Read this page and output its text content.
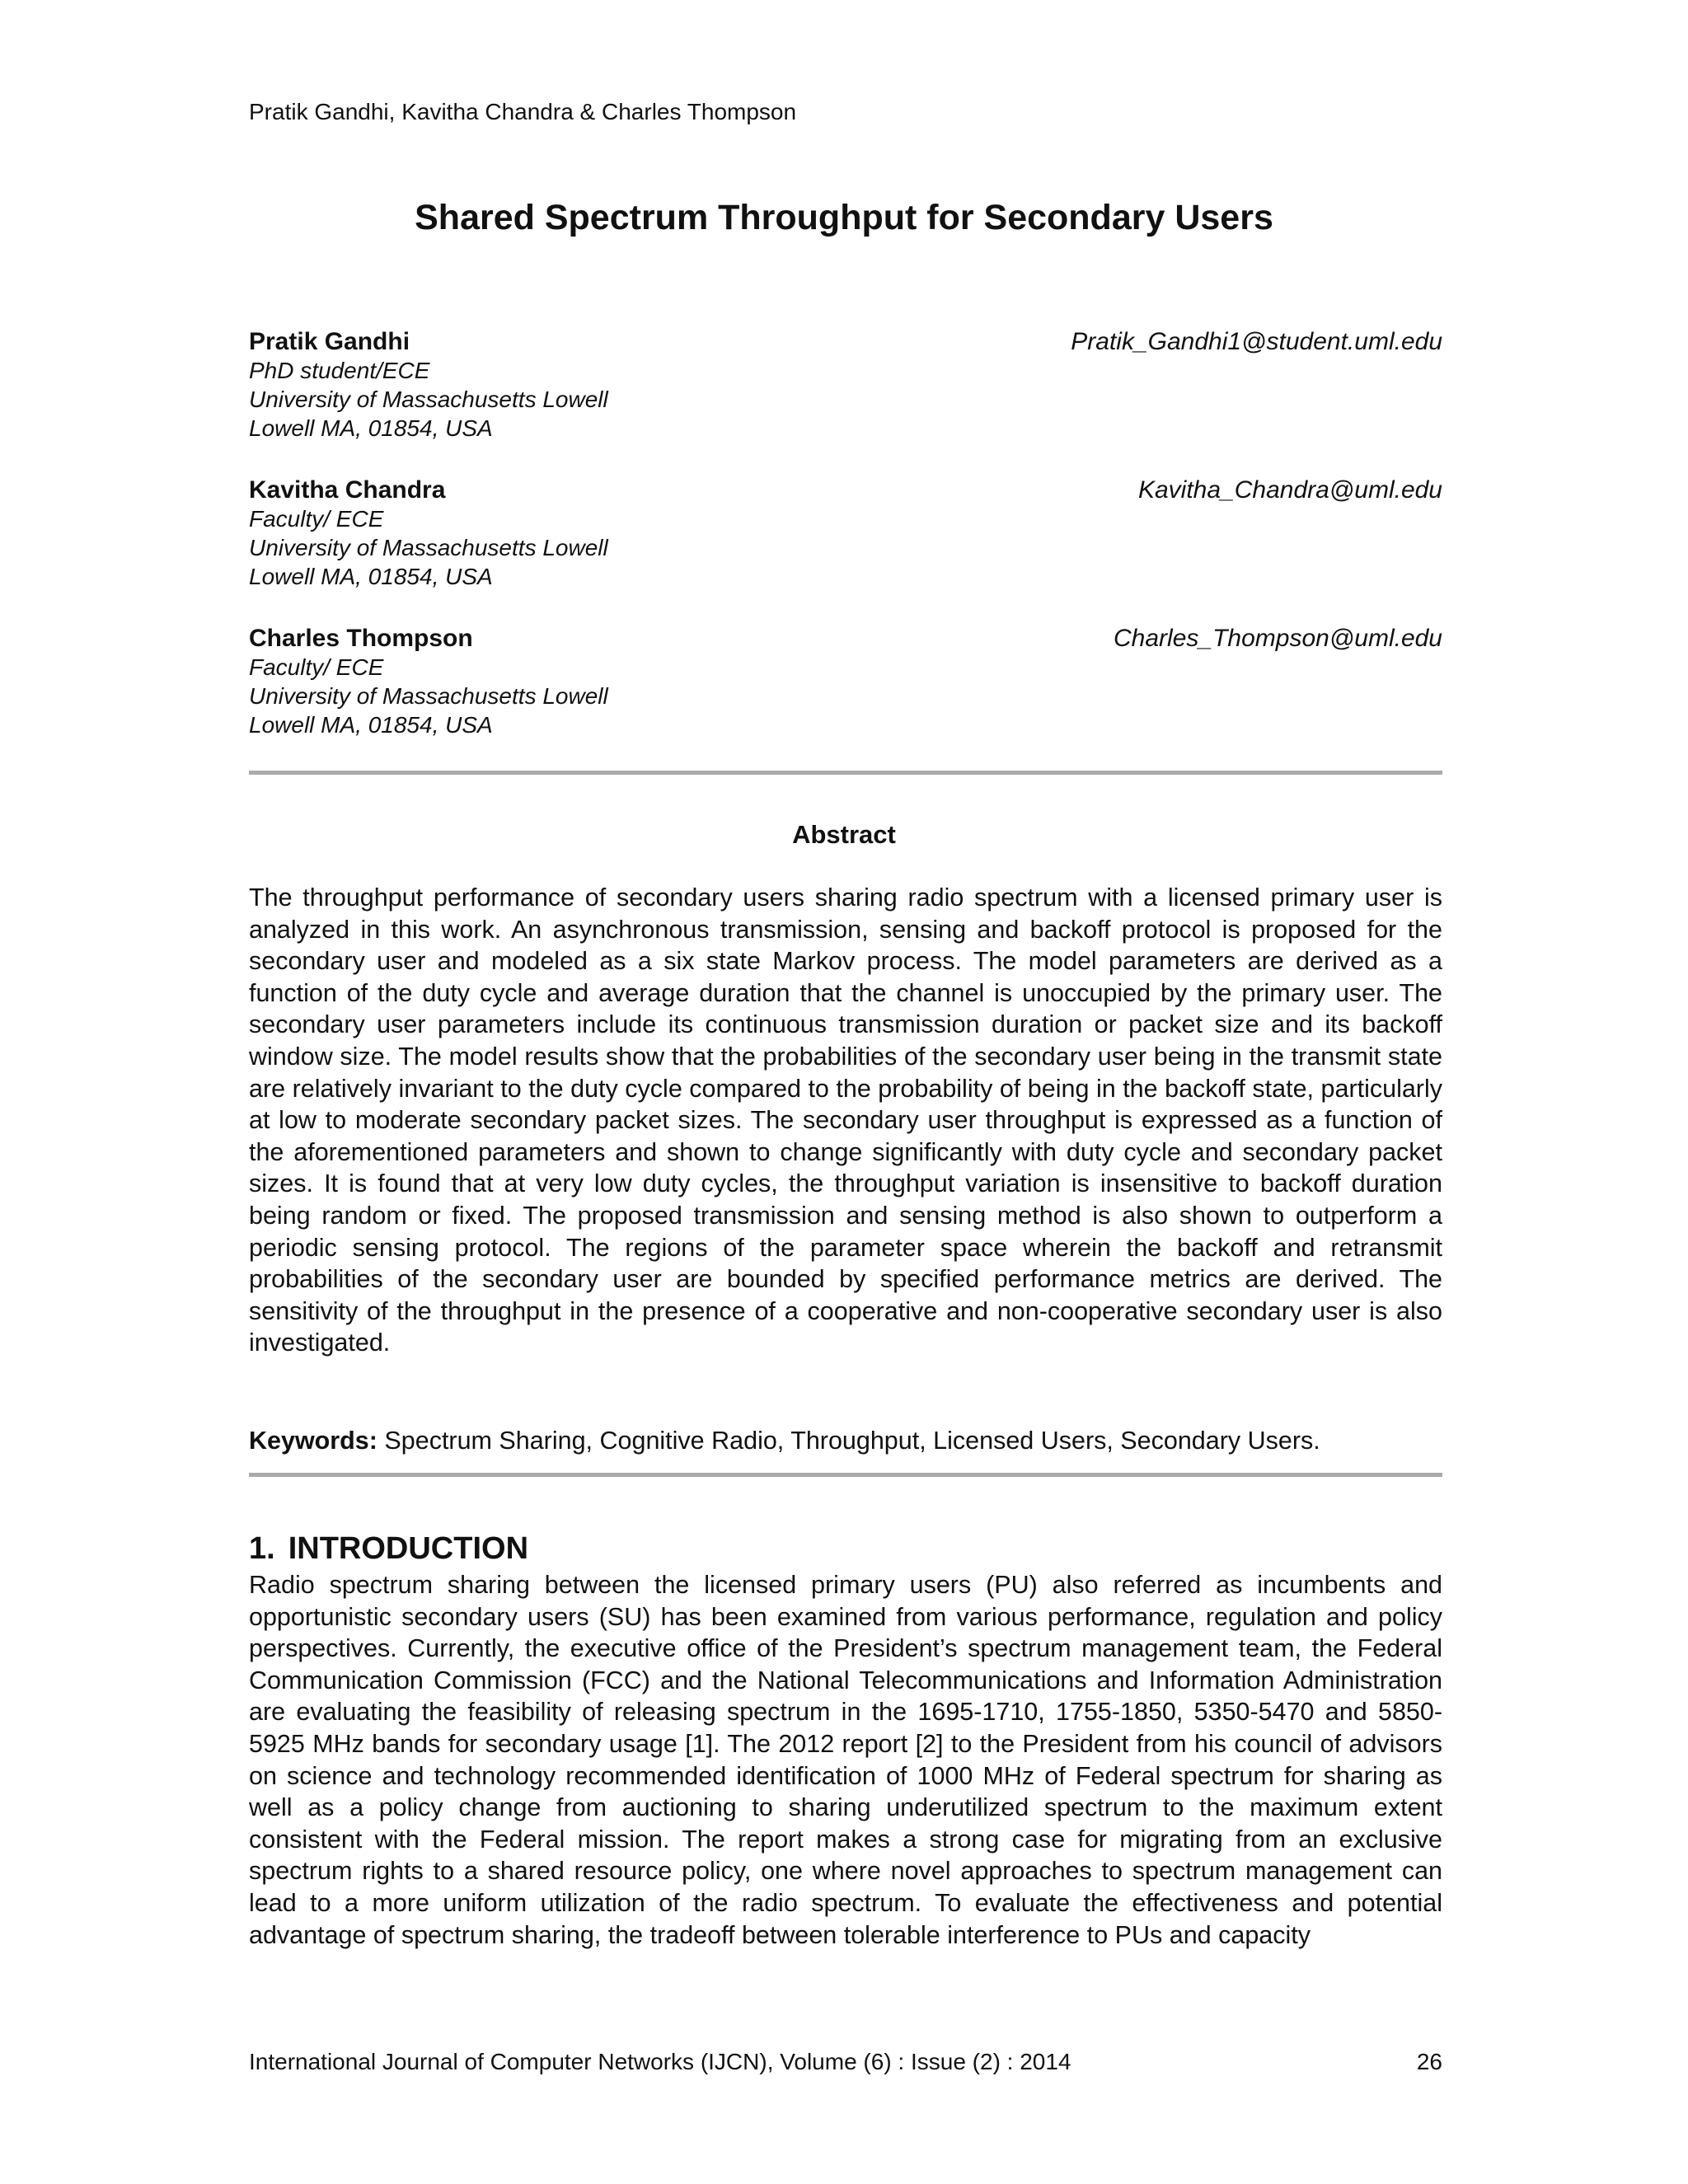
Pratik Gandhi, Kavitha Chandra & Charles Thompson
Shared Spectrum Throughput for Secondary Users
Pratik Gandhi
PhD student/ECE
University of Massachusetts Lowell
Lowell MA, 01854, USA
Pratik_Gandhi1@student.uml.edu
Kavitha Chandra
Faculty/ ECE
University of Massachusetts Lowell
Lowell MA, 01854, USA
Kavitha_Chandra@uml.edu
Charles Thompson
Faculty/ ECE
University of Massachusetts Lowell
Lowell MA, 01854, USA
Charles_Thompson@uml.edu
Abstract
The throughput performance of secondary users sharing radio spectrum with a licensed primary user is analyzed in this work. An asynchronous transmission, sensing and backoff protocol is proposed for the secondary user and modeled as a six state Markov process. The model parameters are derived as a function of the duty cycle and average duration that the channel is unoccupied by the primary user. The secondary user parameters include its continuous transmission duration or packet size and its backoff window size. The model results show that the probabilities of the secondary user being in the transmit state are relatively invariant to the duty cycle compared to the probability of being in the backoff state, particularly at low to moderate secondary packet sizes. The secondary user throughput is expressed as a function of the aforementioned parameters and shown to change significantly with duty cycle and secondary packet sizes. It is found that at very low duty cycles, the throughput variation is insensitive to backoff duration being random or fixed. The proposed transmission and sensing method is also shown to outperform a periodic sensing protocol. The regions of the parameter space wherein the backoff and retransmit probabilities of the secondary user are bounded by specified performance metrics are derived. The sensitivity of the throughput in the presence of a cooperative and non-cooperative secondary user is also investigated.
Keywords: Spectrum Sharing, Cognitive Radio, Throughput, Licensed Users, Secondary Users.
1. INTRODUCTION
Radio spectrum sharing between the licensed primary users (PU) also referred as incumbents and opportunistic secondary users (SU) has been examined from various performance, regulation and policy perspectives. Currently, the executive office of the President’s spectrum management team, the Federal Communication Commission (FCC) and the National Telecommunications and Information Administration are evaluating the feasibility of releasing spectrum in the 1695-1710, 1755-1850, 5350-5470 and 5850-5925 MHz bands for secondary usage [1]. The 2012 report [2] to the President from his council of advisors on science and technology recommended identification of 1000 MHz of Federal spectrum for sharing as well as a policy change from auctioning to sharing underutilized spectrum to the maximum extent consistent with the Federal mission. The report makes a strong case for migrating from an exclusive spectrum rights to a shared resource policy, one where novel approaches to spectrum management can lead to a more uniform utilization of the radio spectrum. To evaluate the effectiveness and potential advantage of spectrum sharing, the tradeoff between tolerable interference to PUs and capacity
International Journal of Computer Networks (IJCN), Volume (6) : Issue (2) : 2014	26
